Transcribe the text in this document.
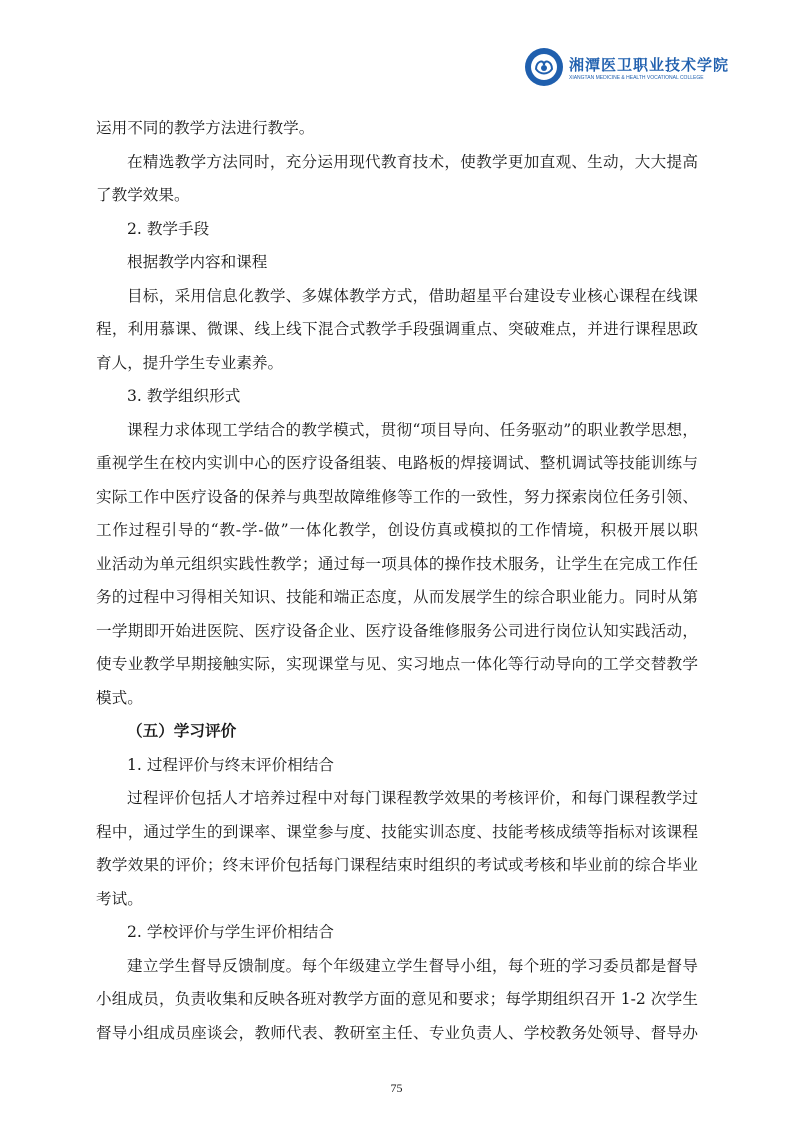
湘潭医卫职业技术学院
XIANGTAN MEDICINE & HEALTH VOCATIONAL COLLEGE
运用不同的教学方法进行教学。
在精选教学方法同时，充分运用现代教育技术，使教学更加直观、生动，大大提高
了教学效果。
2. 教学手段
根据教学内容和课程
目标，采用信息化教学、多媒体教学方式，借助超星平台建设专业核心课程在线课
程，利用慕课、微课、线上线下混合式教学手段强调重点、突破难点，并进行课程思政
育人，提升学生专业素养。
3. 教学组织形式
课程力求体现工学结合的教学模式，贯彻“项目导向、任务驱动”的职业教学思想，
重视学生在校内实训中心的医疗设备组装、电路板的焊接调试、整机调试等技能训练与
实际工作中医疗设备的保养与典型故障维修等工作的一致性，努力探索岗位任务引领、
工作过程引导的“教-学-做”一体化教学，创设仿真或模拟的工作情境，积极开展以职
业活动为单元组织实践性教学；通过每一项具体的操作技术服务，让学生在完成工作任
务的过程中习得相关知识、技能和端正态度，从而发展学生的综合职业能力。同时从第
一学期即开始进医院、医疗设备企业、医疗设备维修服务公司进行岗位认知实践活动，
使专业教学早期接触实际，实现课堂与见、实习地点一体化等行动导向的工学交替教学
模式。
（五）学习评价
1. 过程评价与终末评价相结合
过程评价包括人才培养过程中对每门课程教学效果的考核评价，和每门课程教学过
程中，通过学生的到课率、课堂参与度、技能实训态度、技能考核成绩等指标对该课程
教学效果的评价；终末评价包括每门课程结束时组织的考试或考核和毕业前的综合毕业
考试。
2. 学校评价与学生评价相结合
建立学生督导反馈制度。每个年级建立学生督导小组，每个班的学习委员都是督导
小组成员，负责收集和反映各班对教学方面的意见和要求；每学期组织召开 1-2 次学生
督导小组成员座谈会，教师代表、教研室主任、专业负责人、学校教务处领导、督导办
75
